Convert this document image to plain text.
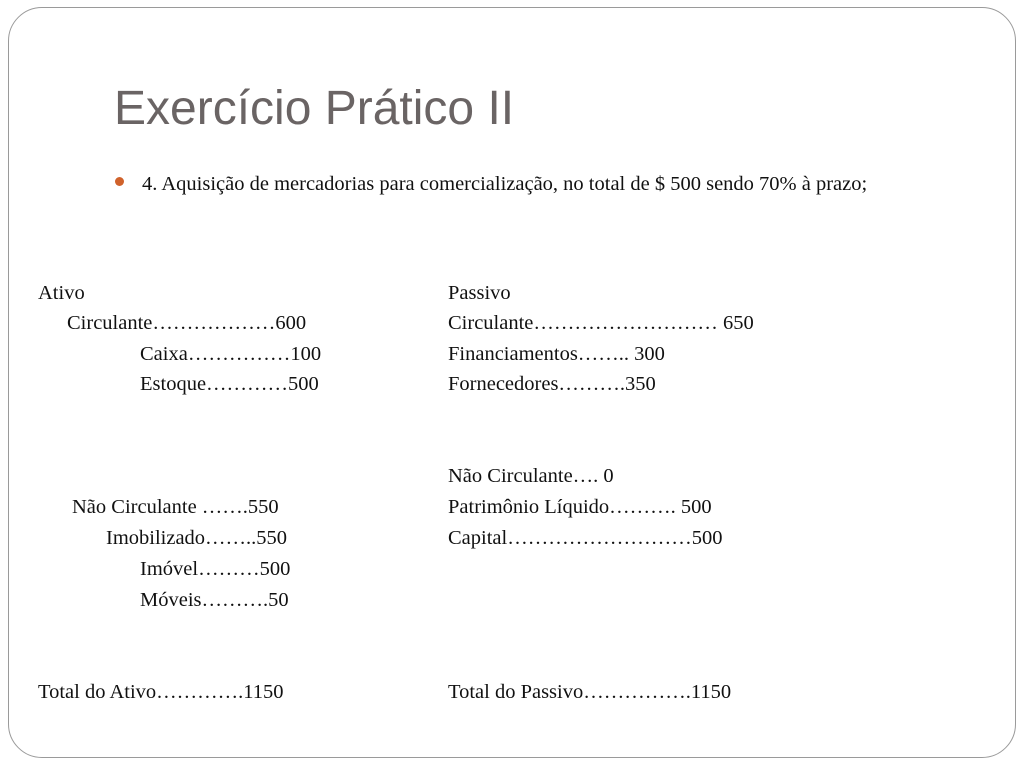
Exercício Prático II
4. Aquisição de mercadorias para comercialização, no total de $ 500 sendo 70% à prazo;
Ativo
Circulante………………600
Caixa……………100
Estoque…………500
Não Circulante …….550
Imobilizado……..550
Imóvel………500
Móveis……….50
Total do Ativo………….1150
Passivo
Circulante……………………… 650
Financiamentos…….. 300
Fornecedores……….350
Não Circulante…. 0
Patrimônio Líquido………. 500
Capital………………………500
Total do Passivo…………….1150
